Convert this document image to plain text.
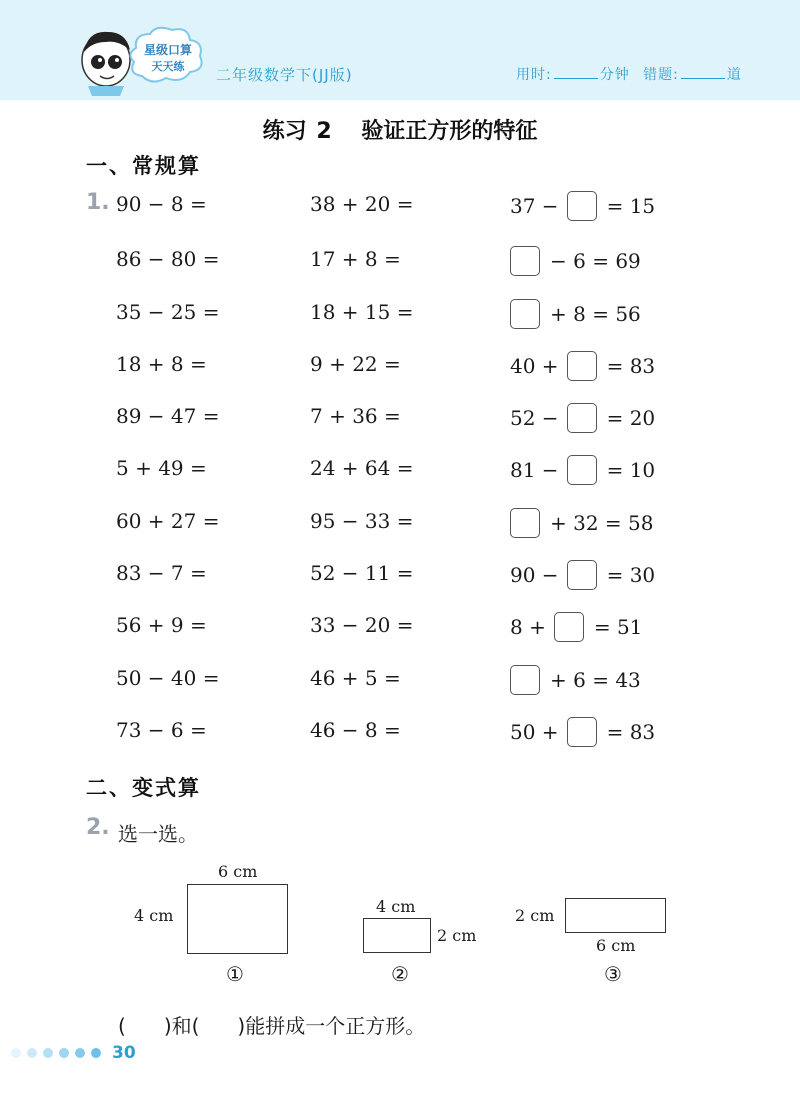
星级口算
天天练 二年级数学下(JJ版)	用时:	分钟 错题:	道
练习 2 验证正方形的特征
一、常规算
1. 90 − 8 =	38 + 20 =	37 − = 15
86 − 80 =	17 + 8 =	− 6 = 69
35 − 25 =	18 + 15 =	+ 8 = 56
18 + 8 =	9 + 22 =	40 + = 83
89 − 47 =	7 + 36 =	52 − = 20
5 + 49 =	24 + 64 =	81 − = 10
60 + 27 =	95 − 33 =	+ 32 = 58
83 − 7 =	52 − 11 =	90 − = 30
56 + 9 =	33 − 20 =	8 + = 51
50 − 40 =	46 + 5 =	+ 6 = 43
73 − 6 =	46 − 8 =	50 + = 83
二、变式算
2. 选一选。
6 cm
4 cm
①
4 cm
2 cm
②
2 cm
6 cm
③
( )和( )能拼成一个正方形。
30
